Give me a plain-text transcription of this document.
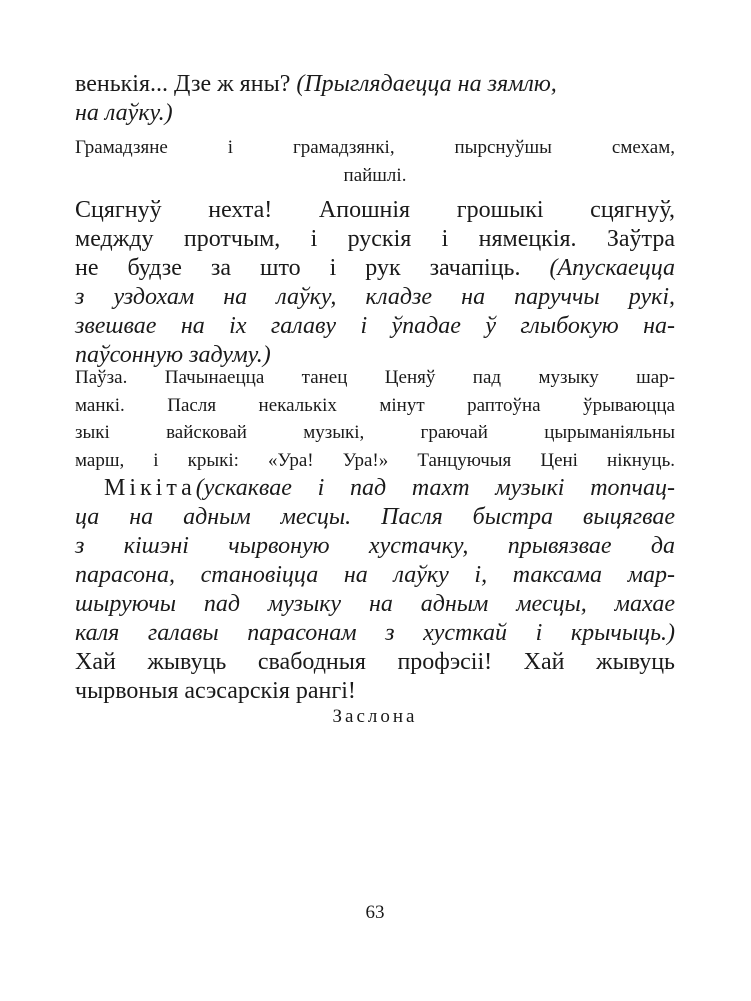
венькія... Дзе ж яны? (Прыглядаецца на зямлю,
на лаўку.)
Грамадзяне і грамадзянкі, пырснуўшы смехам,
пайшлі.
Сцягнуў нехта! Апошнія грошыкі сцягнуў,
меджду протчым, і рускія і нямецкія. Заўтра
не будзе за што і рук зачапіць. (Апускаецца
з уздохам на лаўку, кладзе на паруччы рукі,
звешвае на іх галаву і ўпадае ў глыбокую на-
паўсонную задуму.)
Паўза. Пачынаецца танец Ценяў пад музыку шар-
манкі. Пасля некалькіх мінут раптоўна ўрываюцца
зыкі вайсковай музыкі, граючай цырыманіяльны
марш, і крыкі: «Ура! Ура!» Танцуючыя Цені нікнуць.
Мікіта(ускаквае і пад тахт музыкі топчац-
ца на адным месцы. Пасля быстра выцягвае
з кішэні чырвоную хустачку, прывязвае да
парасона, становіцца на лаўку і, таксама мар-
шыруючы пад музыку на адным месцы, махае
каля галавы парасонам з хусткай і крычыць.)
Хай жывуць свабодныя профэсіі! Хай жывуць
чырвоныя асэсарскія рангі!
Заслона
63
